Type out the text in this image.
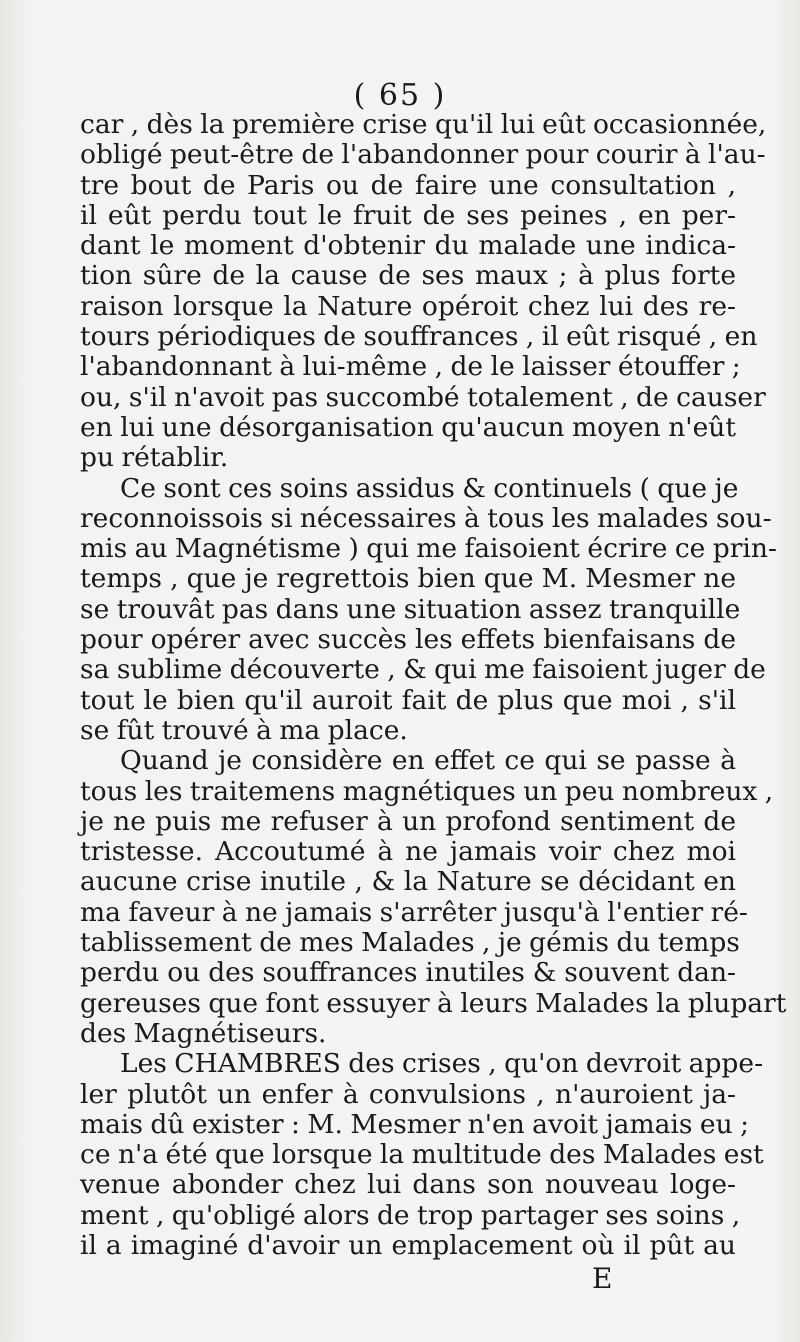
( 65 )
car , dès la première crise qu'il lui eût occasionnée,
obligé peut-être de l'abandonner pour courir à l'au-
tre bout de Paris ou de faire une consultation ,
il eût perdu tout le fruit de ses peines , en per-
dant le moment d'obtenir du malade une indica-
tion sûre de la cause de ses maux ; à plus forte
raison lorsque la Nature opéroit chez lui des re-
tours périodiques de souffrances , il eût risqué , en
l'abandonnant à lui-même , de le laisser étouffer ;
ou, s'il n'avoit pas succombé totalement , de causer
en lui une désorganisation qu'aucun moyen n'eût
pu rétablir.
Ce sont ces soins assidus & continuels ( que je
reconnoissois si nécessaires à tous les malades sou-
mis au Magnétisme ) qui me faisoient écrire ce prin-
temps , que je regrettois bien que M. Mesmer ne
se trouvât pas dans une situation assez tranquille
pour opérer avec succès les effets bienfaisans de
sa sublime découverte , & qui me faisoient juger de
tout le bien qu'il auroit fait de plus que moi , s'il
se fût trouvé à ma place.
Quand je considère en effet ce qui se passe à
tous les traitemens magnétiques un peu nombreux ,
je ne puis me refuser à un profond sentiment de
tristesse. Accoutumé à ne jamais voir chez moi
aucune crise inutile , & la Nature se décidant en
ma faveur à ne jamais s'arrêter jusqu'à l'entier ré-
tablissement de mes Malades , je gémis du temps
perdu ou des souffrances inutiles & souvent dan-
gereuses que font essuyer à leurs Malades la plupart
des Magnétiseurs.
Les CHAMBRES des crises , qu'on devroit appe-
ler plutôt un enfer à convulsions , n'auroient ja-
mais dû exister : M. Mesmer n'en avoit jamais eu ;
ce n'a été que lorsque la multitude des Malades est
venue abonder chez lui dans son nouveau loge-
ment , qu'obligé alors de trop partager ses soins ,
il a imaginé d'avoir un emplacement où il pût au
E
